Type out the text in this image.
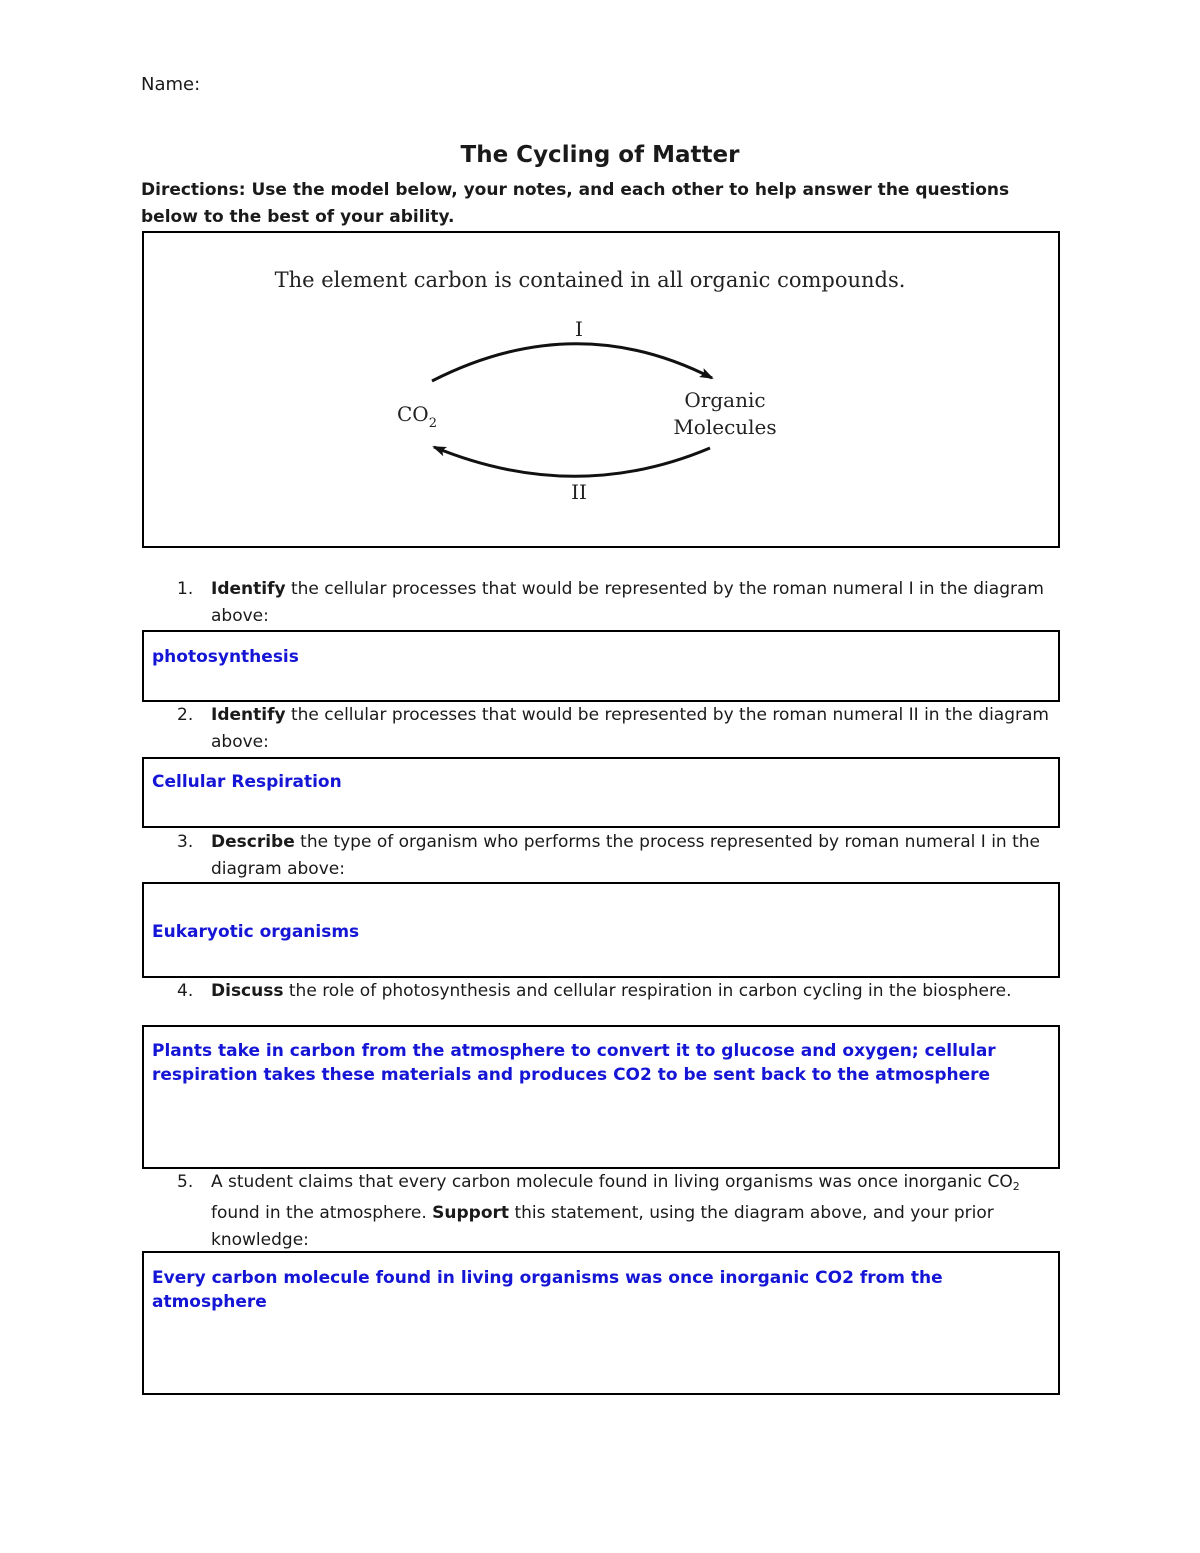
Name:
The Cycling of Matter
Directions: Use the model below, your notes, and each other to help answer the questions below to the best of your ability.
The element carbon is contained in all organic compounds.
I
$CO_2$
Organic
Molecules
II
1. Identify the cellular processes that would be represented by the roman numeral I in the diagram above:
photosynthesis
2. Identify the cellular processes that would be represented by the roman numeral II in the diagram above:
Cellular Respiration
3. Describe the type of organism who performs the process represented by roman numeral I in the diagram above:
Eukaryotic organisms
4. Discuss the role of photosynthesis and cellular respiration in carbon cycling in the biosphere.
Plants take in carbon from the atmosphere to convert it to glucose and oxygen; cellular respiration takes these materials and produces CO2 to be sent back to the atmosphere
5. A student claims that every carbon molecule found in living organisms was once inorganic $CO_2$ found in the atmosphere. Support this statement, using the diagram above, and your prior knowledge:
Every carbon molecule found in living organisms was once inorganic CO2 from the atmosphere
